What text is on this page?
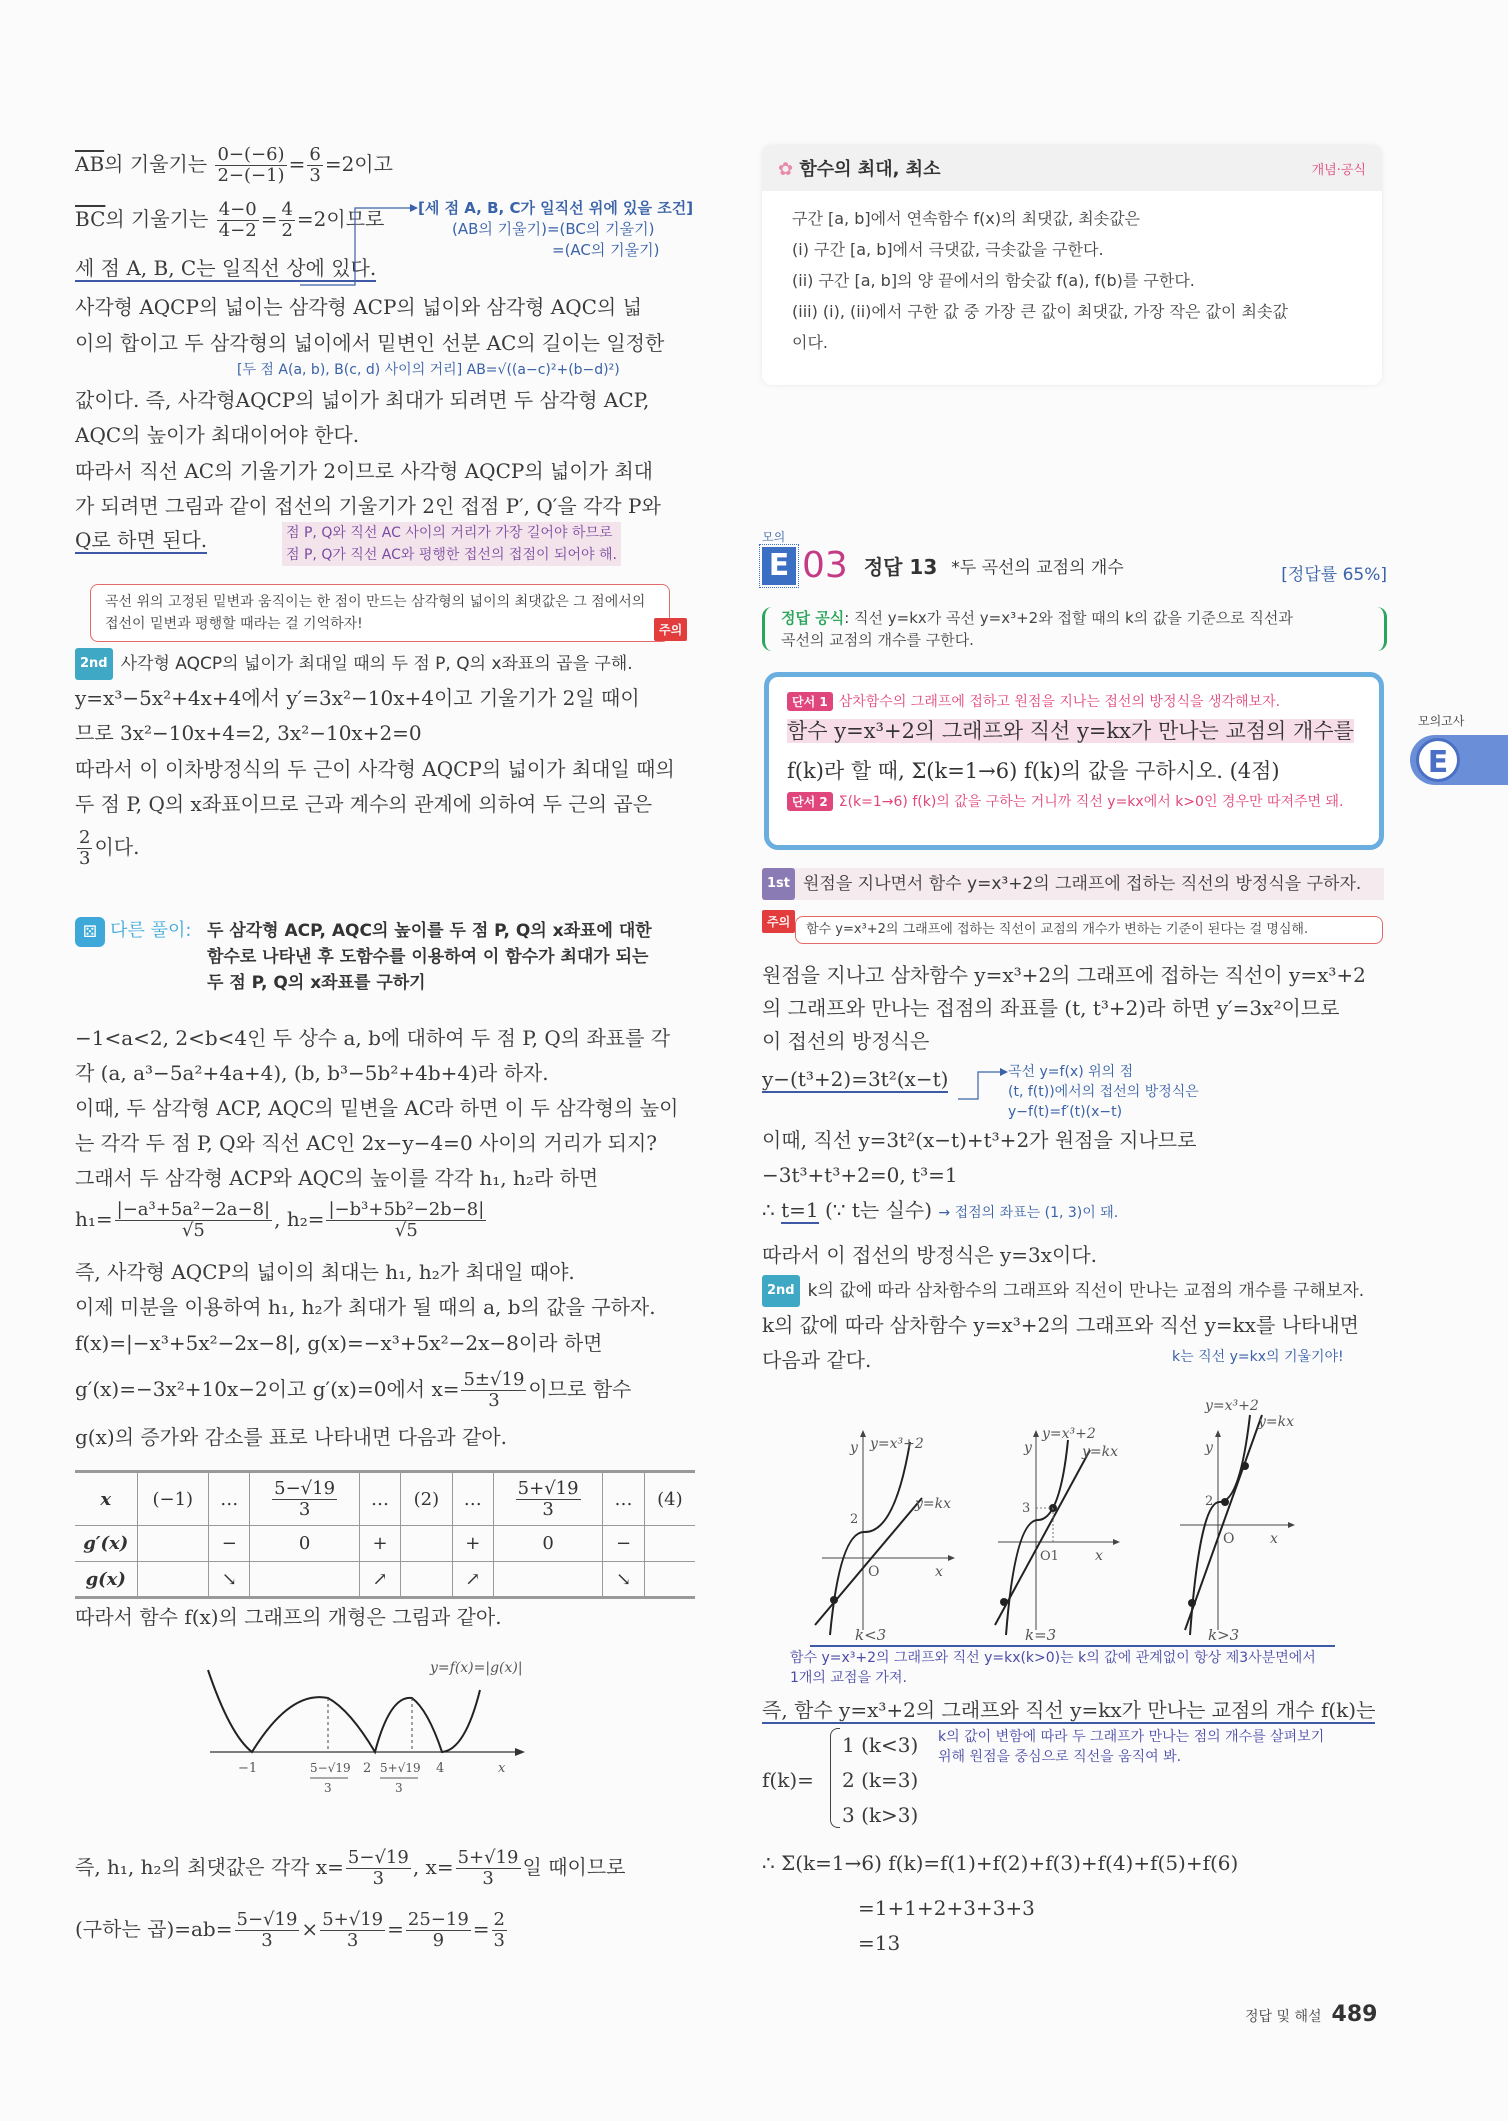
$\overline{AB}$의 기울기는 $\frac{0-(-6)}{2-(-1)} = \frac{6}{3} =2$이고
$\overline{BC}$의 기울기는 $\frac{4-0}{4-2} = \frac{4}{2} =2$이므로
세 점 A, B, C는 일직선 상에 있다.
[세 점 A, B, C가 일직선 위에 있을 조건]
(AB의 기울기)=(BC의 기울기)
=(AC의 기울기)
사각형 AQCP의 넓이는 삼각형 ACP의 넓이와 삼각형 AQC의 넓
이의 합이고 두 삼각형의 넓이에서 밑변인 선분 AC의 길이는 일정한
[두 점 A(a, b), B(c, d) 사이의 거리] AB=√((a−c)²+(b−d)²)
값이다. 즉, 사각형AQCP의 넓이가 최대가 되려면 두 삼각형 ACP,
AQC의 높이가 최대이어야 한다.
따라서 직선 AC의 기울기가 2이므로 사각형 AQCP의 넓이가 최대
가 되려면 그림과 같이 접선의 기울기가 2인 접점 P′, Q′을 각각 P와
Q로 하면 된다.	점 P, Q와 직선 AC 사이의 거리가 가장 길어야 하므로
점 P, Q가 직선 AC와 평행한 접선의 접점이 되어야 해.
곡선 위의 고정된 밑변과 움직이는 한 점이 만드는 삼각형의 넓이의 최댓값은 그 점에서의
접선이 밑변과 평행할 때라는 걸 기억하자!	주의
2nd 사각형 AQCP의 넓이가 최대일 때의 두 점 P, Q의 x좌표의 곱을 구해.
y=x³−5x²+4x+4에서 y′=3x²−10x+4이고 기울기가 2일 때이
므로 3x²−10x+4=2, 3x²−10x+2=0
따라서 이 이차방정식의 두 근이 사각형 AQCP의 넓이가 최대일 때의
두 점 P, Q의 x좌표이므로 근과 계수의 관계에 의하여 두 근의 곱은
$\frac{2}{3}$ 이다.
⚄ 다른 풀이: 두 삼각형 ACP, AQC의 높이를 두 점 P, Q의 x좌표에 대한
함수로 나타낸 후 도함수를 이용하여 이 함수가 최대가 되는
두 점 P, Q의 x좌표를 구하기
−1<a<2, 2<b<4인 두 상수 a, b에 대하여 두 점 P, Q의 좌표를 각
각 (a, a³−5a²+4a+4), (b, b³−5b²+4b+4)라 하자.
이때, 두 삼각형 ACP, AQC의 밑변을 AC라 하면 이 두 삼각형의 높이
는 각각 두 점 P, Q와 직선 AC인 2x−y−4=0 사이의 거리가 되지?
그래서 두 삼각형 ACP와 AQC의 높이를 각각 h₁, h₂라 하면
$h_1= \frac{\text{|−a³+5a²−2a−8|}}{√5}$ , $h_2= \frac{\text{|−b³+5b²−2b−8|}}{√5}$
즉, 사각형 AQCP의 넓이의 최대는 h₁, h₂가 최대일 때야.
이제 미분을 이용하여 h₁, h₂가 최대가 될 때의 a, b의 값을 구하자.
f(x)=|−x³+5x²−2x−8|, g(x)=−x³+5x²−2x−8이라 하면
g′(x)=−3x²+10x−2이고 g′(x)=0에서 $x= \frac{5\pm√19}{3}$ 이므로 함수
g(x)의 증가와 감소를 표로 나타내면 다음과 같아.
x	(−1)	…	$\frac{5-√19}{3}$	…	(2)	…	$\frac{5+√19}{3}$	…	(4)
g′(x)		−	0	+		+	0	−	
g(x)		↘		↗		↗		↘	
따라서 함수 f(x)의 그래프의 개형은 그림과 같아.
y=f(x)=|g(x)|
−1	5−√19
3
2 5+√19
3
4	x
즉, h₁, h₂의 최댓값은 각각 $x= \frac{5-√19}{3}$ , $x= \frac{5+√19}{3}$ 일 때이므로
(구하는 곱)$=ab= \frac{5-√19}{3} \times \frac{5+√19}{3} = \frac{25-19}{9} = \frac{2}{3}$
✿ 함수의 최대, 최소	개념·공식
구간 [a, b]에서 연속함수 f(x)의 최댓값, 최솟값은
(i) 구간 [a, b]에서 극댓값, 극솟값을 구한다.
(ii) 구간 [a, b]의 양 끝에서의 함숫값 f(a), f(b)를 구한다.
(iii) (i), (ii)에서 구한 값 중 가장 큰 값이 최댓값, 가장 작은 값이 최솟값
이다.
모의
E 03 정답 13 *두 곡선의 교점의 개수	[정답률 65%]
정답 공식: 직선 y=kx가 곡선 y=x³+2와 접할 때의 k의 값을 기준으로 직선과
곡선의 교점의 개수를 구한다.
단서 1 삼차함수의 그래프에 접하고 원점을 지나는 접선의 방정식을 생각해보자.
함수 y=x³+2의 그래프와 직선 y=kx가 만나는 교점의 개수를
f(k)라 할 때, Σ(k=1→6) f(k)의 값을 구하시오. (4점)
단서 2 Σ(k=1→6) f(k)의 값을 구하는 거니까 직선 y=kx에서 k>0인 경우만 따져주면 돼.
모의고사
E
1st 원점을 지나면서 함수 y=x³+2의 그래프에 접하는 직선의 방정식을 구하자.
주의	함수 y=x³+2의 그래프에 접하는 직선이 교점의 개수가 변하는 기준이 된다는 걸 명심해.
원점을 지나고 삼차함수 y=x³+2의 그래프에 접하는 직선이 y=x³+2
의 그래프와 만나는 접점의 좌표를 (t, t³+2)라 하면 y′=3x²이므로
이 접선의 방정식은
y−(t³+2)=3t²(x−t)	곡선 y=f(x) 위의 점
(t, f(t))에서의 접선의 방정식은
y−f(t)=f′(t)(x−t)
이때, 직선 y=3t²(x−t)+t³+2가 원점을 지나므로
−3t³+t³+2=0, t³=1
∴ t=1 (∵ t는 실수) → 접점의 좌표는 (1, 3)이 돼.
따라서 이 접선의 방정식은 y=3x이다.
2nd k의 값에 따라 삼차함수의 그래프와 직선이 만나는 교점의 개수를 구해보자.
k의 값에 따라 삼차함수 y=x³+2의 그래프와 직선 y=kx를 나타내면
다음과 같다.	k는 직선 y=kx의 기울기야!
y y=x³+2
y=kx
2
O	x
k<3
y
y=x³+2
y=kx
3
O1	x
k=3
y
y=x³+2
y=kx
2
O	x
k>3
함수 y=x³+2의 그래프와 직선 y=kx(k>0)는 k의 값에 관계없이 항상 제3사분면에서
1개의 교점을 가져.
즉, 함수 y=x³+2의 그래프와 직선 y=kx가 만나는 교점의 개수 f(k)는
f(k)=
1 (k<3)
2 (k=3)
3 (k>3)
k의 값이 변함에 따라 두 그래프가 만나는 점의 개수를 살펴보기
위해 원점을 중심으로 직선을 움직여 봐.
∴ Σ(k=1→6) f(k)=f(1)+f(2)+f(3)+f(4)+f(5)+f(6)
=1+1+2+3+3+3
=13
정답 및 해설 489
